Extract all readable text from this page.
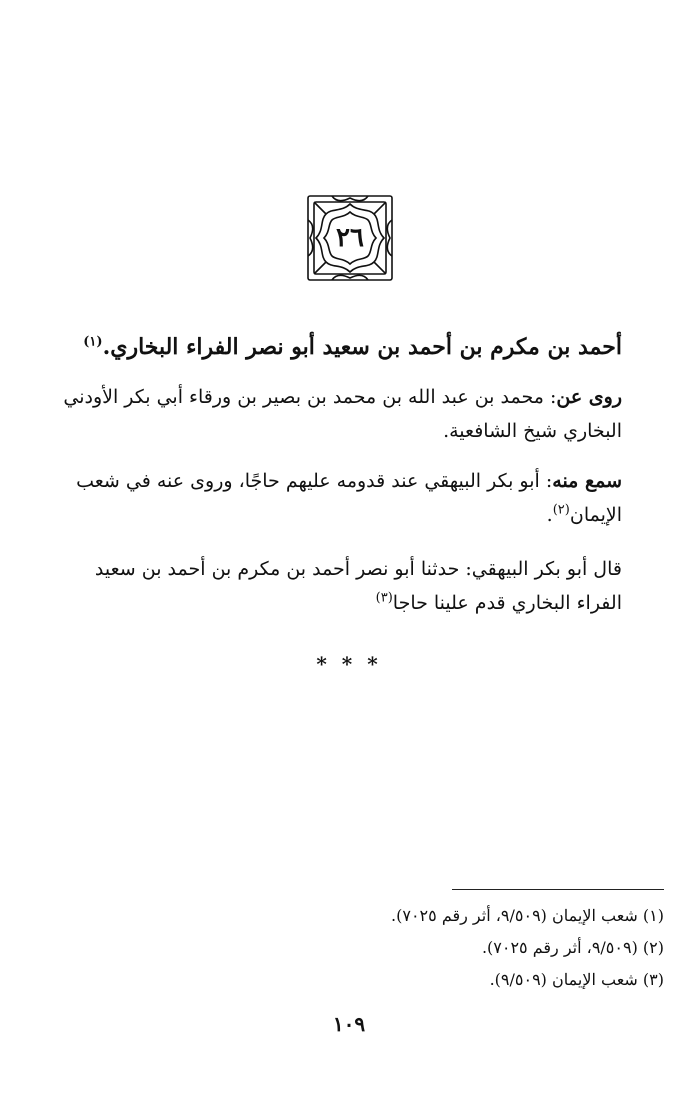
٢٦
أحمد بن مكرم بن أحمد بن سعيد أبو نصر الفراء البخاري.$^{(١)}$
روى عن: محمد بن عبد الله بن محمد بن بصير بن ورقاء أبي بكر الأودني البخاري شيخ الشافعية.
سمع منه: أبو بكر البيهقي عند قدومه عليهم حاجًا، وروى عنه في شعب الإيمان$^{(٢)}$.
قال أبو بكر البيهقي: حدثنا أبو نصر أحمد بن مكرم بن أحمد بن سعيد الفراء البخاري قدم علينا حاجا$^{(٣)}$
* * *
(١) شعب الإيمان (٩/٥٠٩، أثر رقم ٧٠٢٥).
(٢) (٩/٥٠٩، أثر رقم ٧٠٢٥).
(٣) شعب الإيمان (٩/٥٠٩).
١٠٩
